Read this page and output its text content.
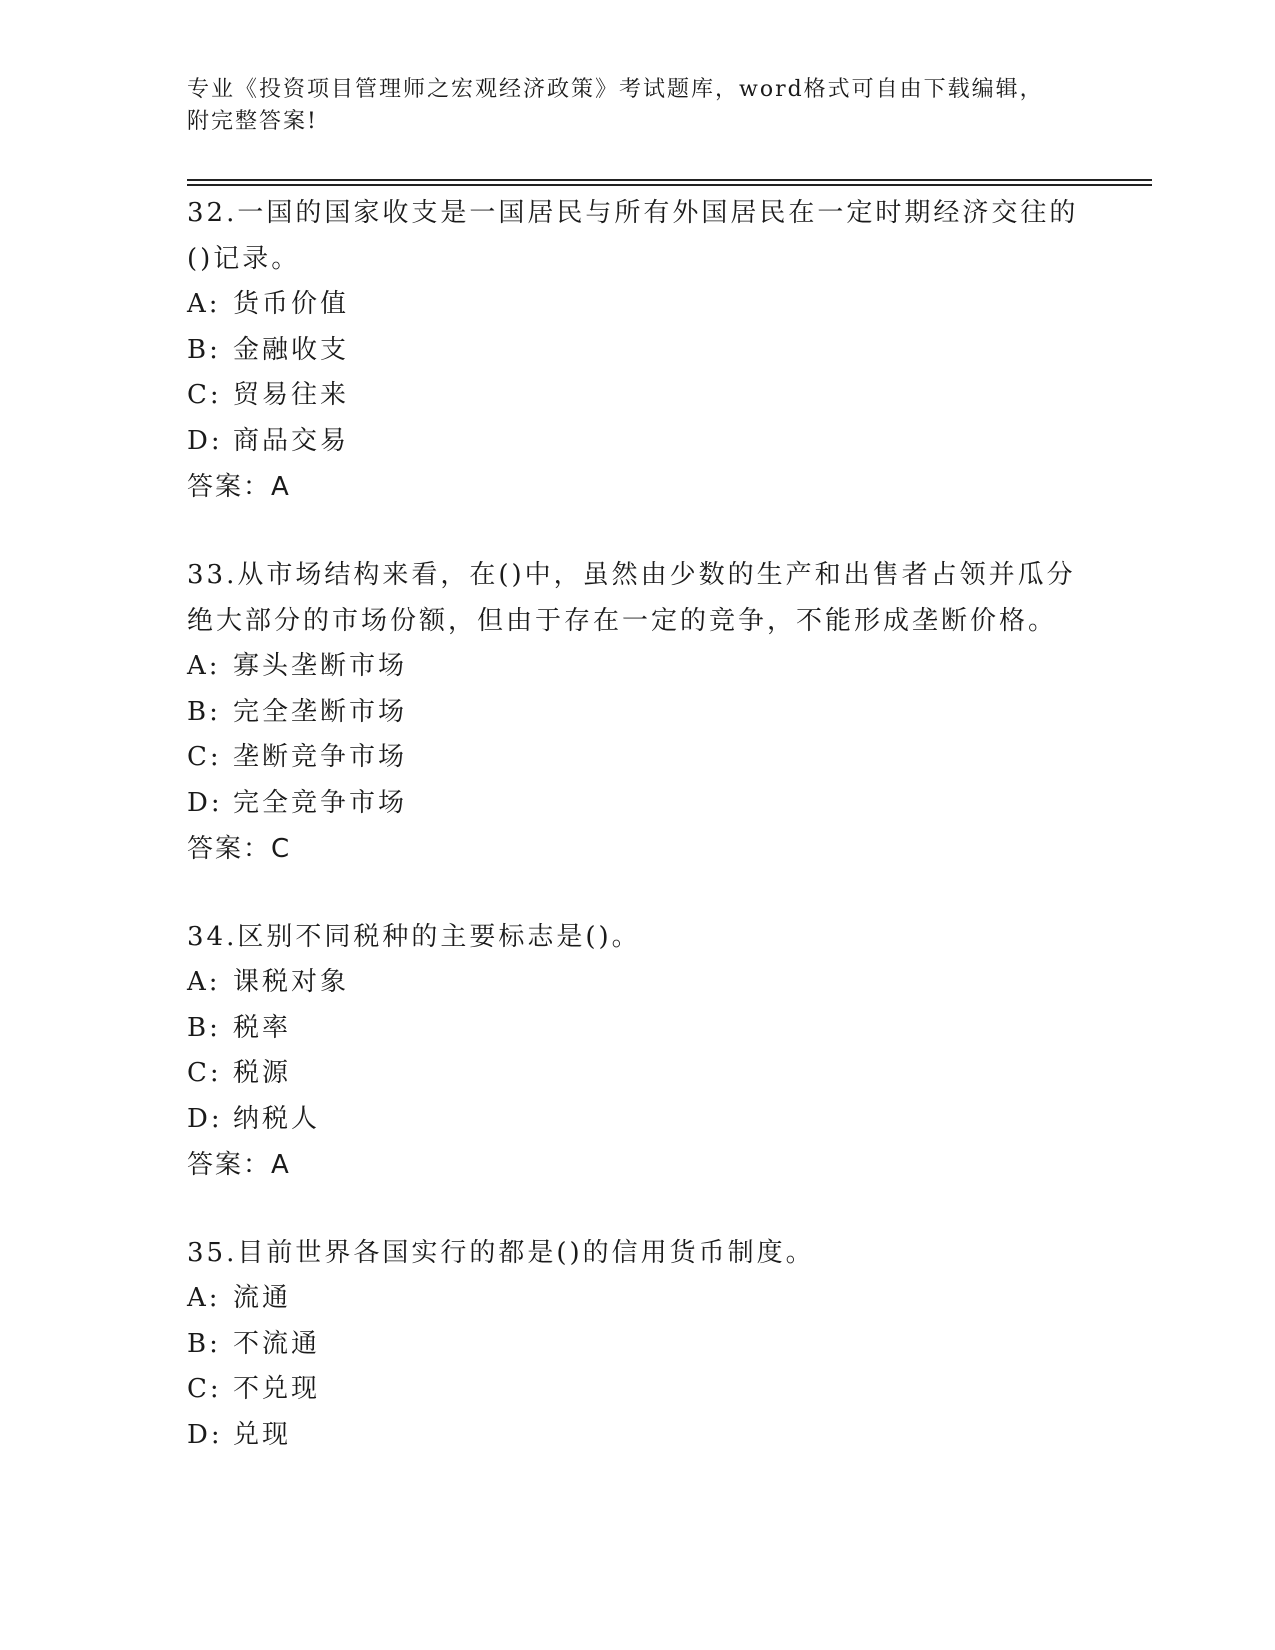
专业《投资项目管理师之宏观经济政策》考试题库，word格式可自由下载编辑，
附完整答案!

32.一国的国家收支是一国居民与所有外国居民在一定时期经济交往的()记录。

A: 货币价值

B: 金融收支

C: 贸易往来

D: 商品交易

答案：A

33.从市场结构来看，在()中，虽然由少数的生产和出售者占领并瓜分绝大部分的市场份额，但由于存在一定的竞争，不能形成垄断价格。

A: 寡头垄断市场

B: 完全垄断市场

C: 垄断竞争市场

D: 完全竞争市场

答案：C

34.区别不同税种的主要标志是()。

A: 课税对象

B: 税率

C: 税源

D: 纳税人

答案：A

35.目前世界各国实行的都是()的信用货币制度。

A: 流通

B: 不流通

C: 不兑现

D: 兑现
